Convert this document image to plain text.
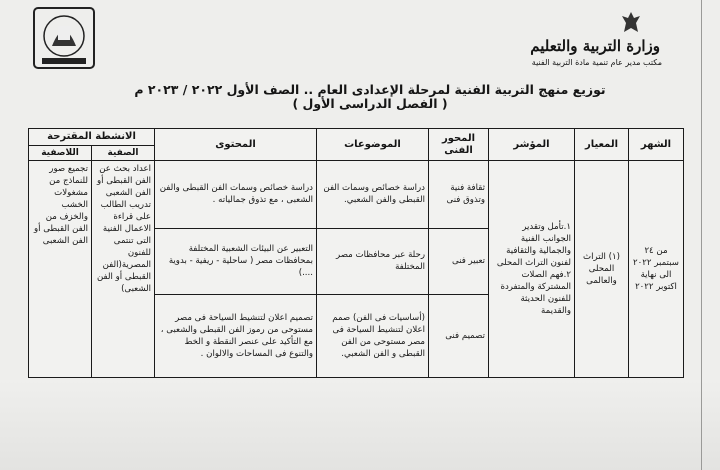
وزارة التربية والتعليم
مكتب مدير عام تنمية مادة التربية الفنية
توزيع منهج التربية الفنية لمرحلة الإعدادى العام .. الصف الأول ٢٠٢٢ / ٢٠٢٣ م
( الفصل الدراسى الأول )
الشهر	المعيار	المؤشر	المحور الفنى	الموضوعات	المحتوى	الانشطة المقترحة	
						الصفية	اللاصفية
من ٢٤ سبتمبر ٢٠٢٢ الى نهاية اكتوبر ٢٠٢٢	(١) التراث المحلى والعالمى	١.تأمل وتقدير الجوانب الفنية والجمالية والثقافية لفنون التراث المحلى ٢.فهم الصلات المشتركة والمتفردة للفنون الحديثة والقديمة	ثقافة فنية وتذوق فنى	دراسة خصائص وسمات الفن القبطى والفن الشعبي.	دراسة خصائص وسمات الفن القبطى والفن الشعبى ، مع تذوق جمالياته .	اعداد بحث عن الفن القبطى أو الفن الشعبى تدريب الطالب على قراءة الاعمال الفنية التى تنتمى للفنون المصرية(الفن القبطى أو الفن الشعبى)	تجميع صور للنماذج من مشغولات الخشب والخزف من الفن القبطى أو الفن الشعبى
			تعبير فنى	رحلة عبر محافظات مصر المختلفة	التعبير عن البيئات الشعبية المختلفة بمحافظات مصر ( ساحلية - ريفية - بدوية ....)		
			تصميم فنى	(أساسيات فى الفن) صمم اعلان لتنشيط السياحة فى مصر مستوحى من الفن القبطى و الفن الشعبي.	تصميم اعلان لتنشيط السياحة فى مصر مستوحى من رموز الفن القبطى والشعبى ، مع التأكيد على عنصر النقطة و الخط والتنوع فى المساحات والالوان .		
